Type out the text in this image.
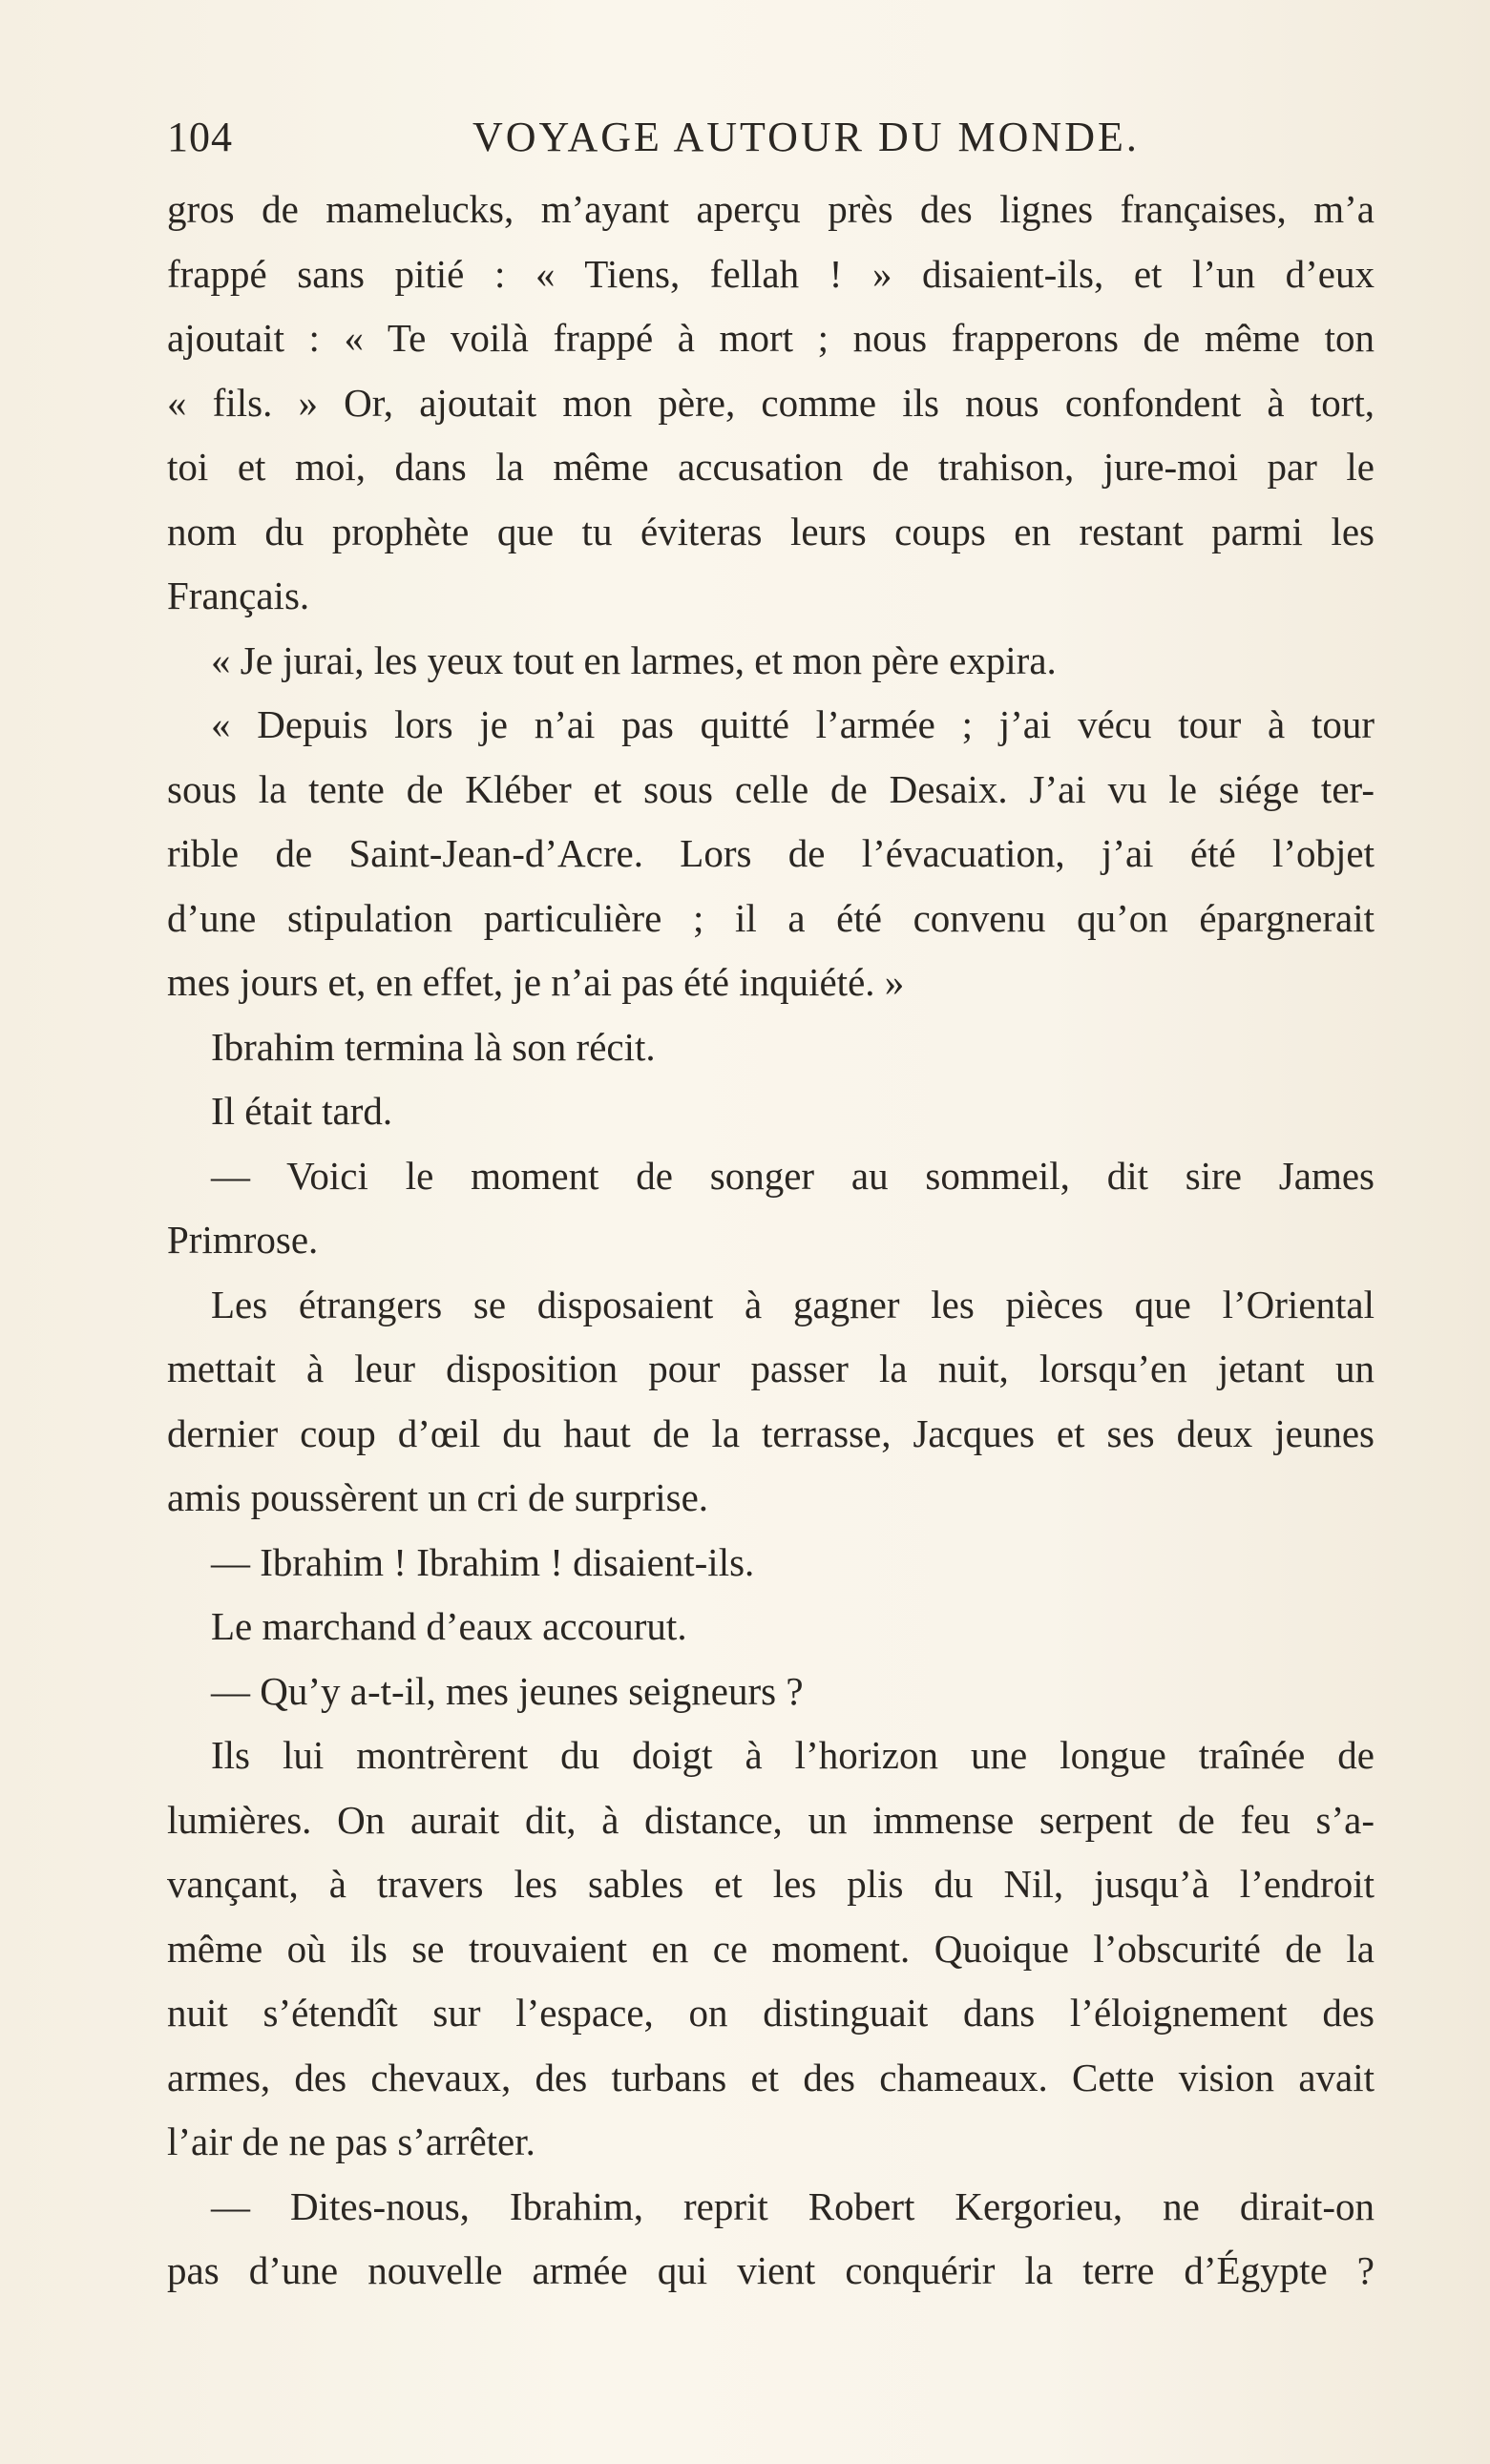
104	VOYAGE AUTOUR DU MONDE.
gros de mamelucks, m’ayant aperçu près des lignes françaises, m’a
frappé sans pitié : « Tiens, fellah ! » disaient-ils, et l’un d’eux
ajoutait : « Te voilà frappé à mort ; nous frapperons de même ton
« fils. » Or, ajoutait mon père, comme ils nous confondent à tort,
toi et moi, dans la même accusation de trahison, jure-moi par le
nom du prophète que tu éviteras leurs coups en restant parmi les
Français.
« Je jurai, les yeux tout en larmes, et mon père expira.
« Depuis lors je n’ai pas quitté l’armée ; j’ai vécu tour à tour
sous la tente de Kléber et sous celle de Desaix. J’ai vu le siége ter-
rible de Saint-Jean-d’Acre. Lors de l’évacuation, j’ai été l’objet
d’une stipulation particulière ; il a été convenu qu’on épargnerait
mes jours et, en effet, je n’ai pas été inquiété. »
Ibrahim termina là son récit.
Il était tard.
— Voici le moment de songer au sommeil, dit sire James
Primrose.
Les étrangers se disposaient à gagner les pièces que l’Oriental
mettait à leur disposition pour passer la nuit, lorsqu’en jetant un
dernier coup d’œil du haut de la terrasse, Jacques et ses deux jeunes
amis poussèrent un cri de surprise.
— Ibrahim ! Ibrahim ! disaient-ils.
Le marchand d’eaux accourut.
— Qu’y a-t-il, mes jeunes seigneurs ?
Ils lui montrèrent du doigt à l’horizon une longue traînée de
lumières. On aurait dit, à distance, un immense serpent de feu s’a-
vançant, à travers les sables et les plis du Nil, jusqu’à l’endroit
même où ils se trouvaient en ce moment. Quoique l’obscurité de la
nuit s’étendît sur l’espace, on distinguait dans l’éloignement des
armes, des chevaux, des turbans et des chameaux. Cette vision avait
l’air de ne pas s’arrêter.
— Dites-nous, Ibrahim, reprit Robert Kergorieu, ne dirait-on
pas d’une nouvelle armée qui vient conquérir la terre d’Égypte ?
